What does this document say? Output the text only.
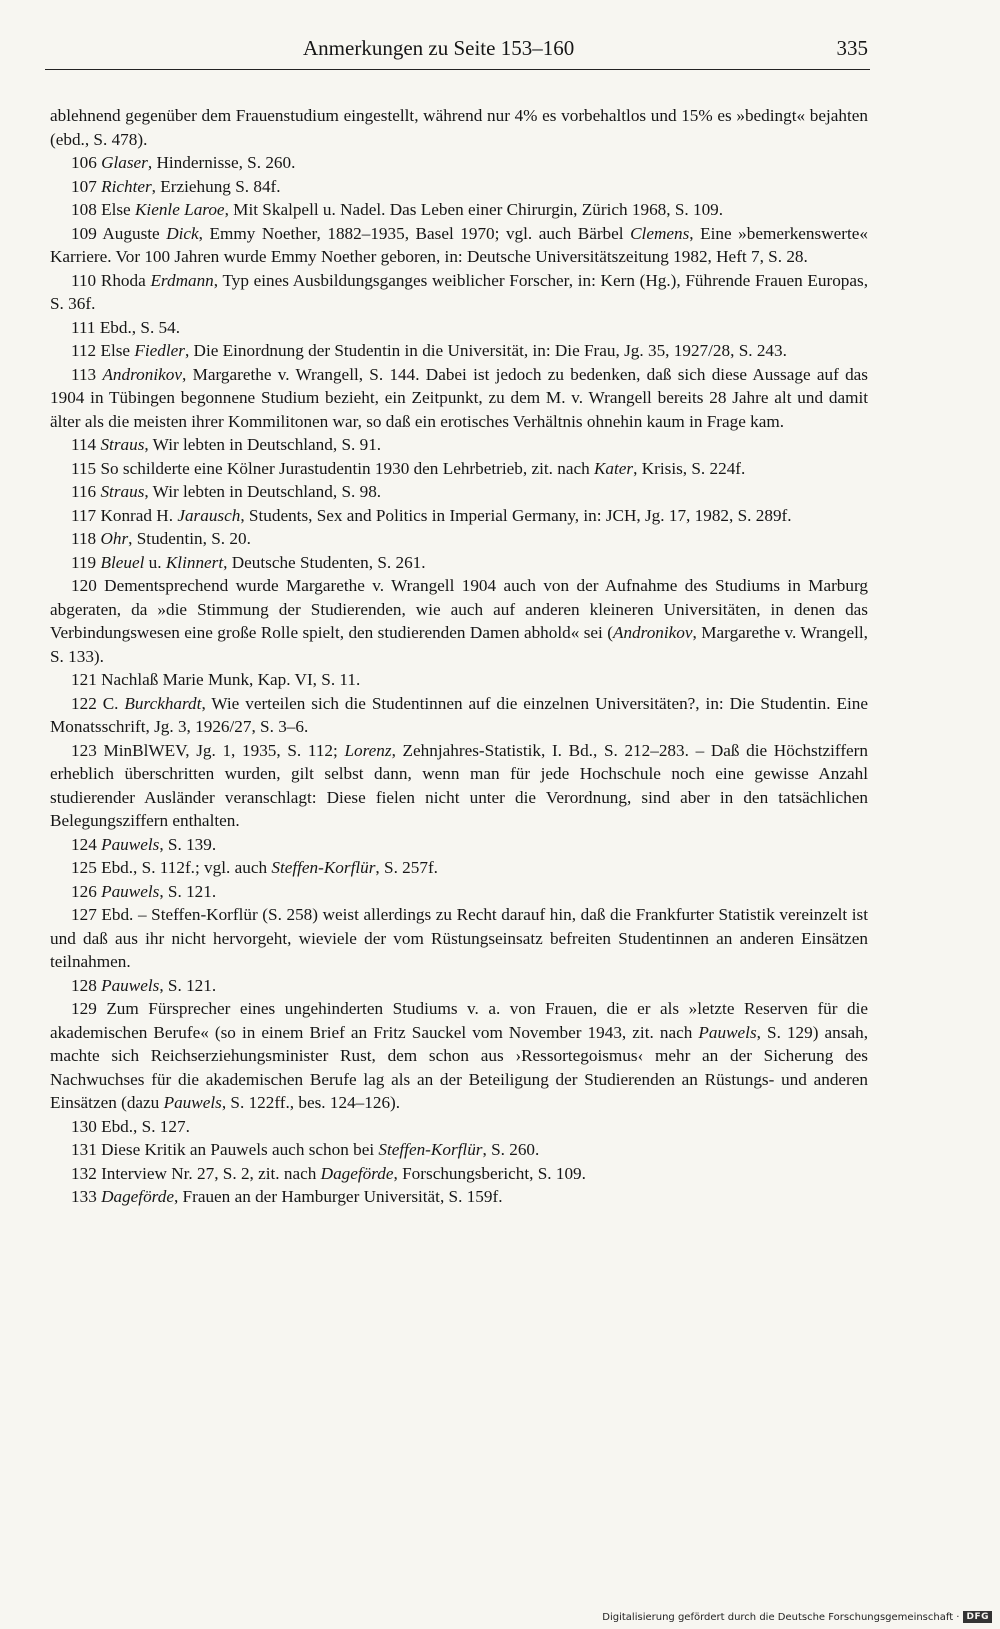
Anmerkungen zu Seite 153–160	335

ablehnend gegenüber dem Frauenstudium eingestellt, während nur 4% es vorbehaltlos und 15% es »bedingt« bejahten (ebd., S. 478).

106 Glaser, Hindernisse, S. 260.

107 Richter, Erziehung S. 84f.

108 Else Kienle Laroe, Mit Skalpell u. Nadel. Das Leben einer Chirurgin, Zürich 1968, S. 109.

109 Auguste Dick, Emmy Noether, 1882–1935, Basel 1970; vgl. auch Bärbel Clemens, Eine »bemerkenswerte« Karriere. Vor 100 Jahren wurde Emmy Noether geboren, in: Deutsche Universitätszeitung 1982, Heft 7, S. 28.

110 Rhoda Erdmann, Typ eines Ausbildungsganges weiblicher Forscher, in: Kern (Hg.), Führende Frauen Europas, S. 36f.

111 Ebd., S. 54.

112 Else Fiedler, Die Einordnung der Studentin in die Universität, in: Die Frau, Jg. 35, 1927/28, S. 243.

113 Andronikov, Margarethe v. Wrangell, S. 144. Dabei ist jedoch zu bedenken, daß sich diese Aussage auf das 1904 in Tübingen begonnene Studium bezieht, ein Zeitpunkt, zu dem M. v. Wrangell bereits 28 Jahre alt und damit älter als die meisten ihrer Kommilitonen war, so daß ein erotisches Verhältnis ohnehin kaum in Frage kam.

114 Straus, Wir lebten in Deutschland, S. 91.

115 So schilderte eine Kölner Jurastudentin 1930 den Lehrbetrieb, zit. nach Kater, Krisis, S. 224f.

116 Straus, Wir lebten in Deutschland, S. 98.

117 Konrad H. Jarausch, Students, Sex and Politics in Imperial Germany, in: JCH, Jg. 17, 1982, S. 289f.

118 Ohr, Studentin, S. 20.

119 Bleuel u. Klinnert, Deutsche Studenten, S. 261.

120 Dementsprechend wurde Margarethe v. Wrangell 1904 auch von der Aufnahme des Studiums in Marburg abgeraten, da »die Stimmung der Studierenden, wie auch auf anderen kleineren Universitäten, in denen das Verbindungswesen eine große Rolle spielt, den studierenden Damen abhold« sei (Andronikov, Margarethe v. Wrangell, S. 133).

121 Nachlaß Marie Munk, Kap. VI, S. 11.

122 C. Burckhardt, Wie verteilen sich die Studentinnen auf die einzelnen Universitäten?, in: Die Studentin. Eine Monatsschrift, Jg. 3, 1926/27, S. 3–6.

123 MinBlWEV, Jg. 1, 1935, S. 112; Lorenz, Zehnjahres-Statistik, I. Bd., S. 212–283. – Daß die Höchstziffern erheblich überschritten wurden, gilt selbst dann, wenn man für jede Hochschule noch eine gewisse Anzahl studierender Ausländer veranschlagt: Diese fielen nicht unter die Verordnung, sind aber in den tatsächlichen Belegungsziffern enthalten.

124 Pauwels, S. 139.

125 Ebd., S. 112f.; vgl. auch Steffen-Korflür, S. 257f.

126 Pauwels, S. 121.

127 Ebd. – Steffen-Korflür (S. 258) weist allerdings zu Recht darauf hin, daß die Frankfurter Statistik vereinzelt ist und daß aus ihr nicht hervorgeht, wieviele der vom Rüstungseinsatz befreiten Studentinnen an anderen Einsätzen teilnahmen.

128 Pauwels, S. 121.

129 Zum Fürsprecher eines ungehinderten Studiums v. a. von Frauen, die er als »letzte Reserven für die akademischen Berufe« (so in einem Brief an Fritz Sauckel vom November 1943, zit. nach Pauwels, S. 129) ansah, machte sich Reichserziehungsminister Rust, dem schon aus ›Ressortegoismus‹ mehr an der Sicherung des Nachwuchses für die akademischen Berufe lag als an der Beteiligung der Studierenden an Rüstungs- und anderen Einsätzen (dazu Pauwels, S. 122ff., bes. 124–126).

130 Ebd., S. 127.

131 Diese Kritik an Pauwels auch schon bei Steffen-Korflür, S. 260.

132 Interview Nr. 27, S. 2, zit. nach Dageförde, Forschungsbericht, S. 109.

133 Dageförde, Frauen an der Hamburger Universität, S. 159f.

Digitalisierung gefördert durch die Deutsche Forschungsgemeinschaft · DFG
